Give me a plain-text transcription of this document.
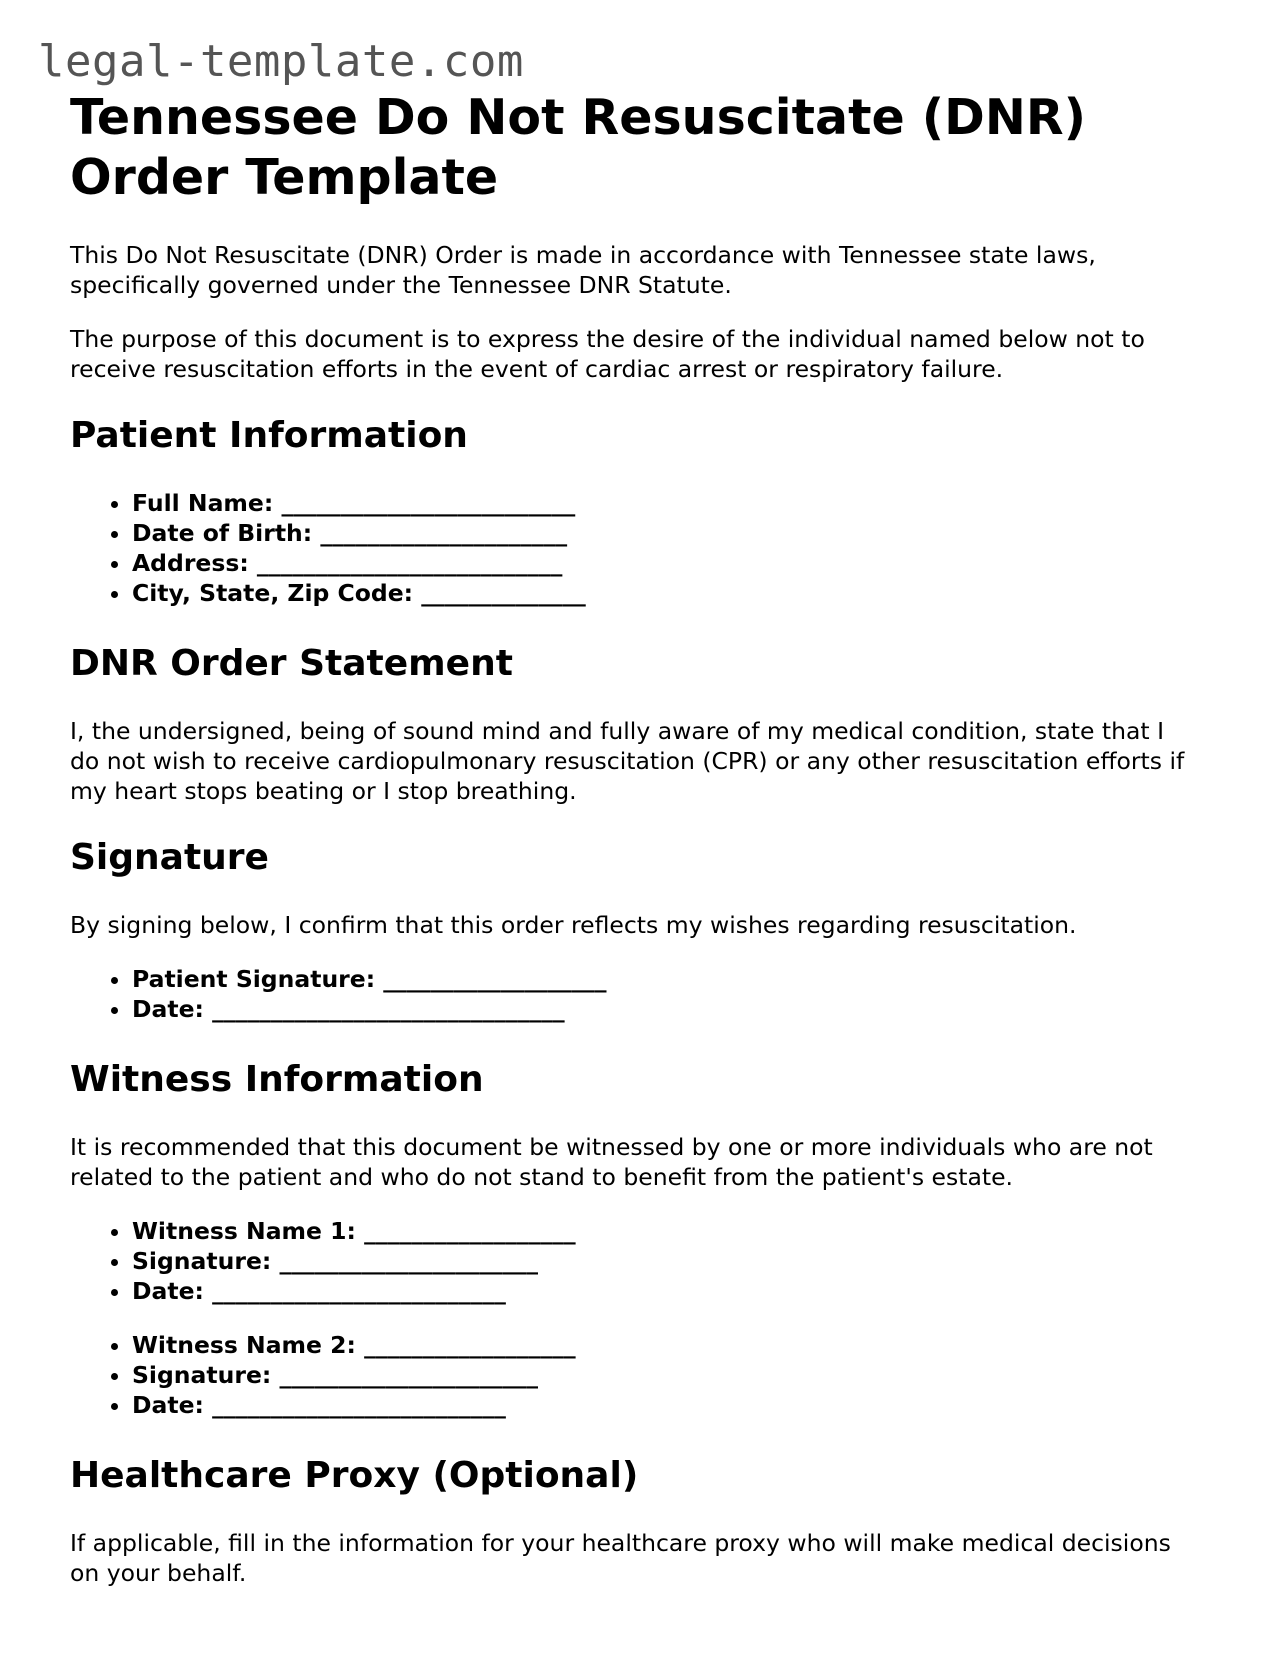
legal-template.com
Tennessee Do Not Resuscitate (DNR) Order Template

This Do Not Resuscitate (DNR) Order is made in accordance with Tennessee state laws, specifically governed under the Tennessee DNR Statute.

The purpose of this document is to express the desire of the individual named below not to receive resuscitation efforts in the event of cardiac arrest or respiratory failure.

Patient Information
• Full Name: _________________________
• Date of Birth: _____________________
• Address: __________________________
• City, State, Zip Code: ______________
DNR Order Statement

I, the undersigned, being of sound mind and fully aware of my medical condition, state that I do not wish to receive cardiopulmonary resuscitation (CPR) or any other resuscitation efforts if my heart stops beating or I stop breathing.

Signature

By signing below, I confirm that this order reflects my wishes regarding resuscitation.

• Patient Signature: ___________________
• Date: ______________________________
Witness Information

It is recommended that this document be witnessed by one or more individuals who are not related to the patient and who do not stand to benefit from the patient's estate.

• Witness Name 1: __________________
• Signature: ______________________
• Date: _________________________
• Witness Name 2: __________________
• Signature: ______________________
• Date: _________________________
Healthcare Proxy (Optional)

If applicable, fill in the information for your healthcare proxy who will make medical decisions on your behalf.
